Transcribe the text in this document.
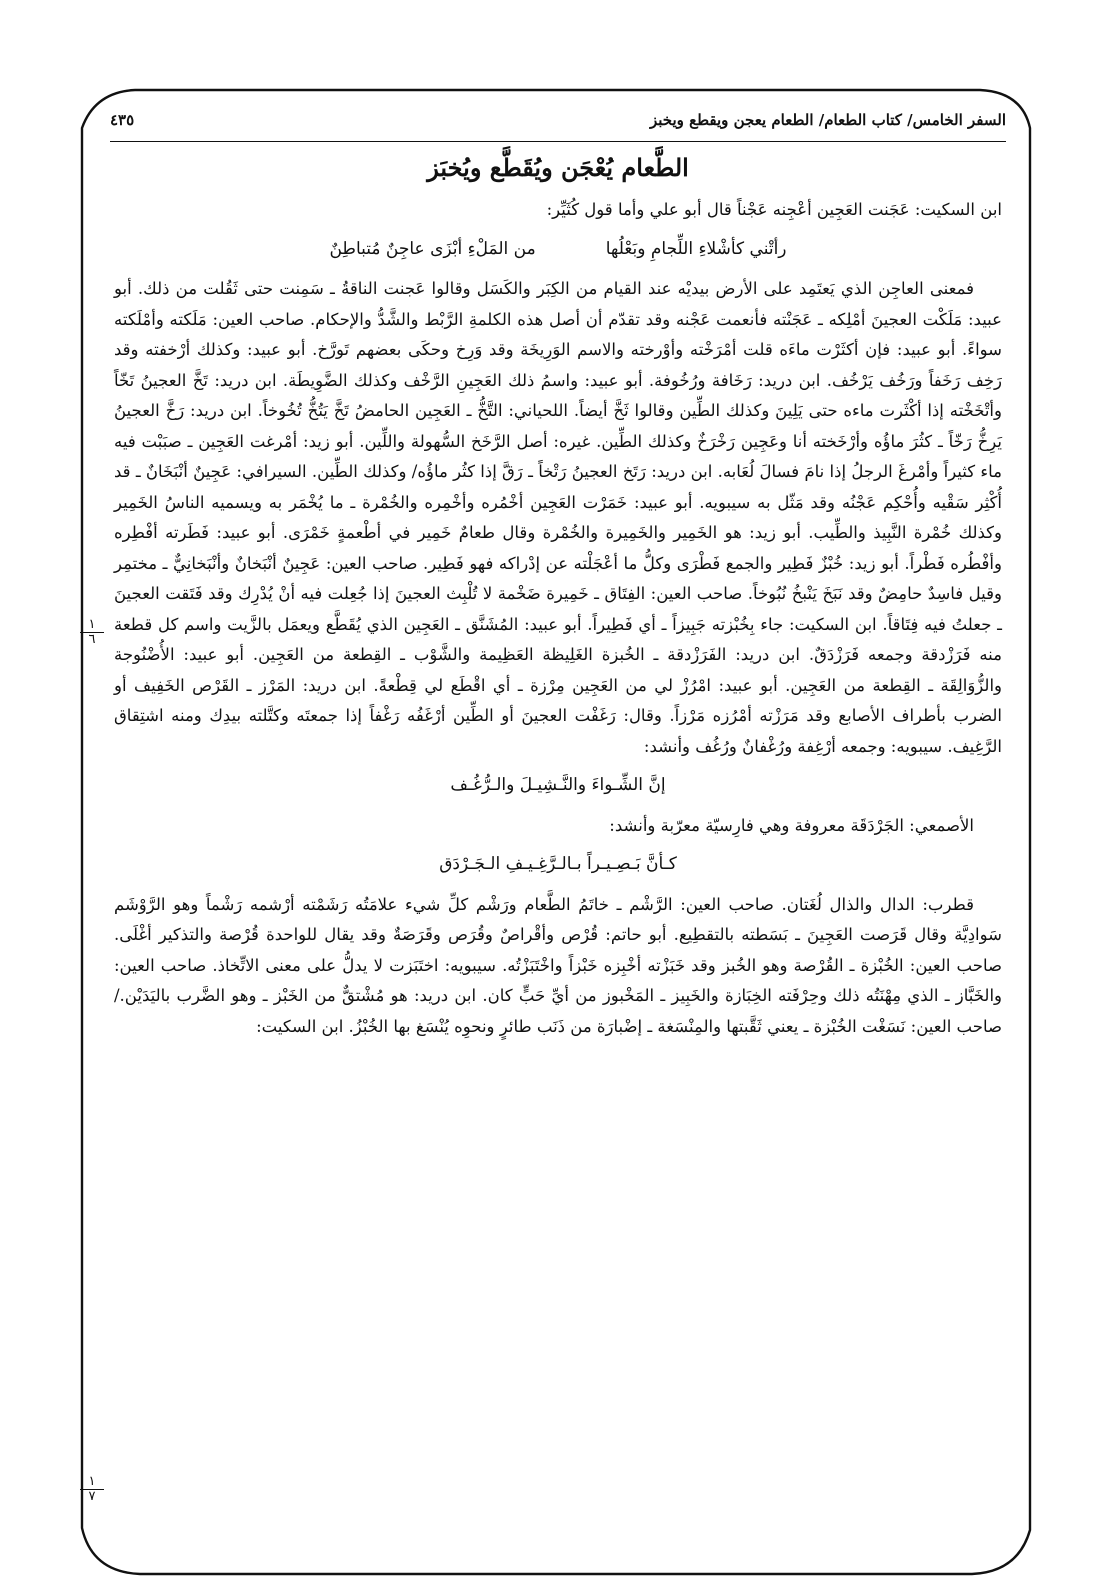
السفر الخامس/ كتاب الطعام/ الطعام يعجن ويقطع ويخبز
٤٣٥
الطَّعام يُعْجَن ويُقَطَّع ويُخبَز

ابن السكيت: عَجَنت العَجِين أعْجِنه عَجْناً قال أبو علي وأما قول كُثَيِّر:

رأتْني كأشْلاءِ اللِّجامِ وبَعْلُها
من المَلْءِ أبْزَى عاجِنٌ مُتباطِنٌ

فمعنى العاجِن الذي يَعتَمِد على الأرض بيديْه عند القيام من الكِبَر والكَسَل وقالوا عَجنت الناقةُ ـ سَمِنت حتى ثَقُلت من ذلك. أبو عبيد: مَلَكْت العجينَ أمْلِكه ـ عَجَنْته فأنعمت عَجْنه وقد تقدّم أن أصل هذه الكلمةِ الرَّبْط والشَّدُّ والإحكام. صاحب العين: مَلَكته وأمْلَكته سواءً. أبو عبيد: فإن أكثَرْت ماءَه قلت أمْرَخْته وأوْرخته والاسم الوَرِيخَة وقد وَرِخ وحكَى بعضهم تَورَّخ. أبو عبيد: وكذلك أرْخفته وقد رَخِف رَخَفاً ورَخُف يَرْخُف. ابن دريد: رَخَافة ورُخُوفة. أبو عبيد: واسمُ ذلك العَجِينِ الرَّخْف وكذلك الضَّوِيطَة. ابن دريد: تَخَّ العجينُ تَخّاً وأتْخَخْته إذا أكْثَرت ماءه حتى يَلِينَ وكذلك الطِّين وقالوا ثَخَّ أيضاً. اللحياني: التَّخُّ ـ العَجِين الحامضُ تَخَّ يَتُخُّ تُخُوخاً. ابن دريد: رَخَّ العجينُ يَرِخُّ رَخّاً ـ كثُرَ ماؤُه وأرْخَخته أنا وعَجِين رَخْرَخٌ وكذلك الطِّين. غيره: أصل الرَّخَخ السُّهولة واللِّين. أبو زيد: أمْرغت العَجِين ـ صبَبْت فيه ماء كثيراً وأمْرغَ الرجلُ إذا نامَ فسالَ لُعَابه. ابن دريد: رَتَخ العجينُ رَتْخاً ـ رَقَّ إذا كثُر ماؤُه/ وكذلك الطِّين. السيرافي: عَجِينٌ أنْبَخَانٌ ـ قد أُكْثِر سَقْيه وأُحْكِم عَجْنُه وقد مَثّل به سيبويه. أبو عبيد: خَمَرْت العَجِين أخْمُره وأخْمِره والخُمْرة ـ ما يُخْمَر به ويسميه الناسُ الخَمِير وكذلك خُمْرة النَّبِيذ والطِّيب. أبو زيد: هو الخَمِير والخَمِيرة والخُمْرة وقال طعامٌ خَمِير في أطْعمةٍ خَمْرَى. أبو عبيد: فَطَرته أفْطِره وأفْطُره فَطْراً. أبو زيد: خُبْزٌ فَطِير والجمع فَطْرَى وكلُّ ما أعْجَلْته عن إدْراكه فهو فَطِير. صاحب العين: عَجِينٌ أنْبَخانٌ وأنْبَخانِيٌّ ـ مختمِر وقيل فاسِدٌ حامِضٌ وقد نَبَخَ يَنْبخُ نُبُوخاً. صاحب العين: الفِتَاق ـ خَمِيرة ضَخْمة لا تُلْبِث العجينَ إذا جُعِلت فيه أنْ يُدْرِك وقد فَتَقت العجينَ ـ جعلتُ فيه فِتَاقاً. ابن السكيت: جاء بِخُبْزته جَبِيزاً ـ أي فَطِيراً. أبو عبيد: المُشَنَّق ـ العَجِين الذي يُقَطَّع ويعمَل بالزَّيت واسم كل قطعة منه فَرَزْدقة وجمعه فَرَزْدَقٌ. ابن دريد: الفَرَزْدقة ـ الخُبزة الغَلِيظة العَظِيمة والشَّوْب ـ القِطعة من العَجِين. أبو عبيد: الأُضْنُوجة والزُّوَالِقَة ـ القِطعة من العَجِين. أبو عبيد: امْرُزْ لي من العَجِين مِرْزة ـ أي اقْطَع لي قِطْعةً. ابن دريد: المَرْز ـ القَرْص الخَفِيف أو الضرب بأطراف الأصابع وقد مَرَزْته أمْرُزه مَرْزاً. وقال: رَغَفْت العجينَ أو الطِّين أرْغَفُه رَغْفاً إذا جمعتَه وكتَّلته بيدِك ومنه اشتِقاق الرَّغِيف. سيبويه: وجمعه أرْغِفة ورُغْفانٌ ورُغُف وأنشد:

إنَّ الشِّـواءَ والنَّـشِيـلَ والـرُّغُـف

الأصمعي: الجَرْدَقَة معروفة وهي فارِسيّة معرّبة وأنشد:

كـأنَّ بَـصِـيـراً بـالـرَّغِـيـفِ الـجَـرْدَق

قطرب: الدال والذال لُغَتان. صاحب العين: الرَّشْم ـ خاتَمُ الطَّعام ورَشْم كلِّ شيء علامَتُه رَشَمْته أرْشمه رَشْماً وهو الرَّوْشَم سَوادِيَّة وقال قَرَصت العَجِينَ ـ بَسَطته بالتقطِيع. أبو حاتم: قُرْص وأقْراصٌ وقُرَص وقَرَصَةٌ وقد يقال للواحدة قُرْصة والتذكير أغْلَى. صاحب العين: الخُبْزة ـ القُرْصة وهو الخُبز وقد خَبَزْته أخْبِزه خَبْزاً واخْتَبَزْتُه. سيبويه: اختَبَزت لا يدلُّ على معنى الاتِّخاذ. صاحب العين: والخَبَّاز ـ الذي مِهْنَتُه ذلك وحِرْفَته الخِبَازة والخَبِيز ـ المَخْبوز من أيِّ حَبٍّ كان. ابن دريد: هو مُشْتقٌّ من الخَبْز ـ وهو الضَّرب باليَدَيْن./ صاحب العين: نَسَغْت الخُبْزة ـ يعني ثَقَّبتها والمِنْسَغة ـ إضْبارَة من ذَنَب طائرٍ ونحوِه يُنْسَغ بها الخُبْزُ. ابن السكيت:

١
٦
١
٧
